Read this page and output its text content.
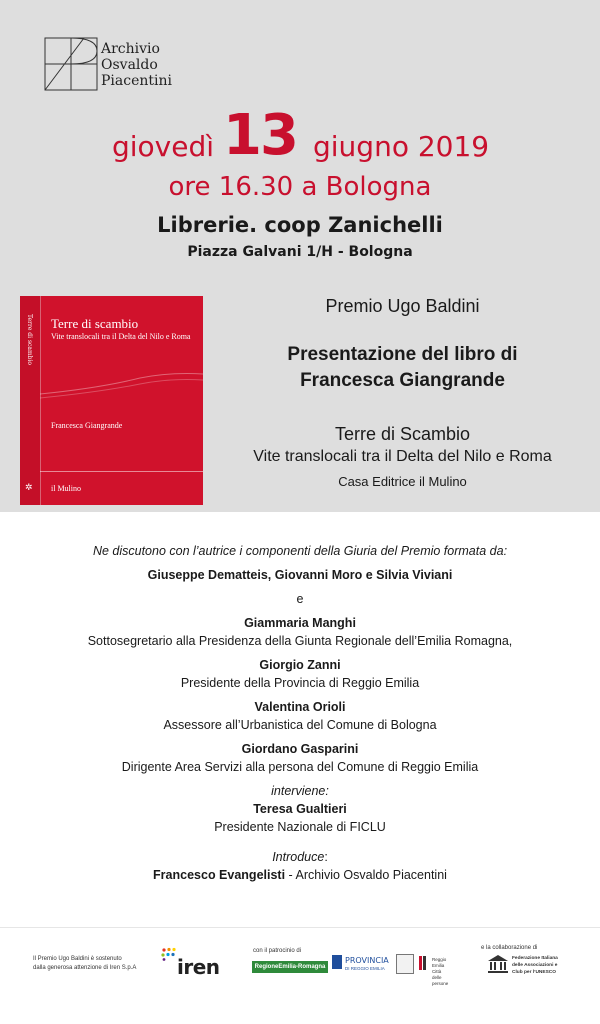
Archivio
Osvaldo
Piacentini
giovedì 13 giugno 2019
ore 16.30 a Bologna
Librerie. coop Zanichelli
Piazza Galvani 1/H - Bologna
Terre di scambio
✲
Terre di scambio
Vite translocali tra il Delta del Nilo e Roma
Francesca Giangrande
il Mulino
Premio Ugo Baldini
Presentazione del libro di
Francesca Giangrande
Terre di Scambio
Vite translocali tra il Delta del Nilo e Roma
Casa Editrice il Mulino
Ne discutono con l’autrice i componenti della Giuria del Premio formata da:
Giuseppe Dematteis, Giovanni Moro e Silvia Viviani
e
Giammaria Manghi
Sottosegretario alla Presidenza della Giunta Regionale dell’Emilia Romagna,
Giorgio Zanni
Presidente della Provincia di Reggio Emilia
Valentina Orioli
Assessore all’Urbanistica del Comune di Bologna
Giordano Gasparini
Dirigente Area Servizi alla persona del Comune di Reggio Emilia
interviene:
Teresa Gualtieri
Presidente Nazionale di FICLU
Introduce:
Francesco Evangelisti - Archivio Osvaldo Piacentini
Il Premio Ugo Baldini è sostenuto
dalla generosa attenzione di Iren S.p.A iren
con il patrocinio di
RegioneEmilia-Romagna
PROVINCIA
DI REGGIO EMILIA
Reggio Emilia
Città
delle persone
e la collaborazione di
Federazione Italiana
delle Associazioni e
Club per l’UNESCO
